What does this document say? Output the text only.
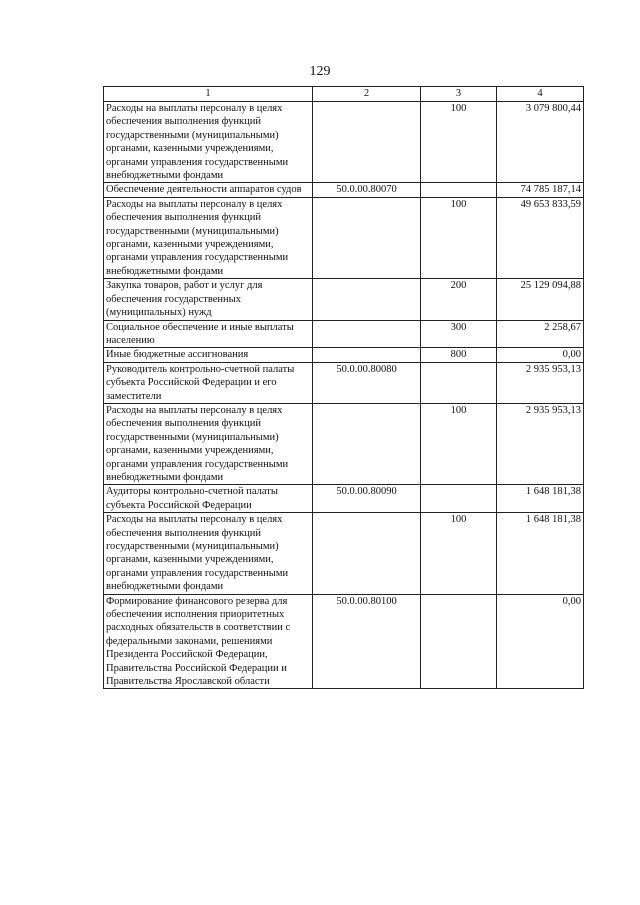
129
1	2	3	4
Расходы на выплаты персоналу в целях обеспечения выполнения функций государственными (муниципальными) органами, казенными учреждениями, органами управления государственными внебюджетными фондами		100	3 079 800,44
Обеспечение деятельности аппаратов судов	50.0.00.80070		74 785 187,14
Расходы на выплаты персоналу в целях обеспечения выполнения функций государственными (муниципальными) органами, казенными учреждениями, органами управления государственными внебюджетными фондами		100	49 653 833,59
Закупка товаров, работ и услуг для обеспечения государственных (муниципальных) нужд		200	25 129 094,88
Социальное обеспечение и иные выплаты населению		300	2 258,67
Иные бюджетные ассигнования		800	0,00
Руководитель контрольно-счетной палаты субъекта Российской Федерации и его заместители	50.0.00.80080		2 935 953,13
Расходы на выплаты персоналу в целях обеспечения выполнения функций государственными (муниципальными) органами, казенными учреждениями, органами управления государственными внебюджетными фондами		100	2 935 953,13
Аудиторы контрольно-счетной палаты субъекта Российской Федерации	50.0.00.80090		1 648 181,38
Расходы на выплаты персоналу в целях обеспечения выполнения функций государственными (муниципальными) органами, казенными учреждениями, органами управления государственными внебюджетными фондами		100	1 648 181,38
Формирование финансового резерва для обеспечения исполнения приоритетных расходных обязательств в соответствии с федеральными законами, решениями Президента Российской Федерации, Правительства Российской Федерации и Правительства Ярославской области	50.0.00.80100		0,00
